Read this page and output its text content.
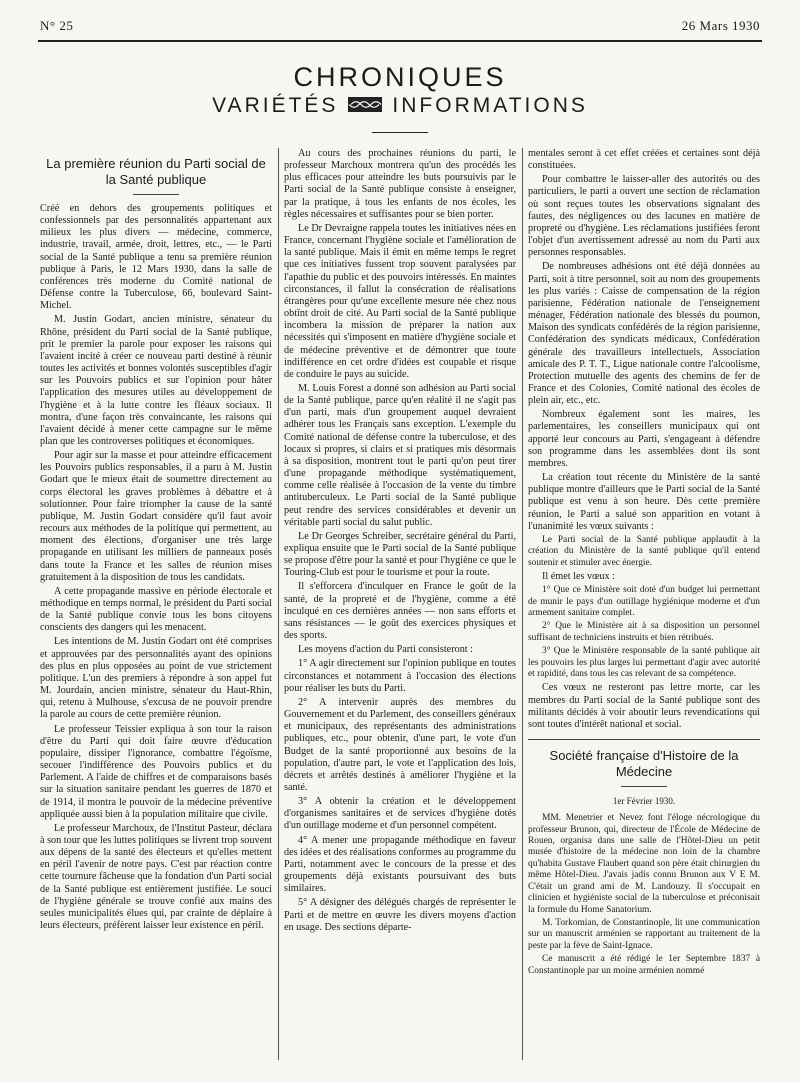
N° 25	26 Mars 1930
CHRONIQUES
VARIÉTÉS	INFORMATIONS
La première réunion du Parti social de la Santé publique

Créé en dehors des groupements politiques et confessionnels par des personnalités appartenant aux milieux les plus divers — médecine, commerce, industrie, travail, armée, droit, lettres, etc., — le Parti social de la Santé publique a tenu sa première réunion publique à Paris, le 12 Mars 1930, dans la salle de conférences très moderne du Comité national de Défense contre la Tuberculose, 66, boulevard Saint-Michel.

M. Justin Godart, ancien ministre, sénateur du Rhône, président du Parti social de la Santé publique, prit le premier la parole pour exposer les raisons qui l'avaient incité à créer ce nouveau parti destiné à réunir toutes les activités et bonnes volontés susceptibles d'agir sur les Pouvoirs publics et sur l'opinion pour hâter l'application des mesures utiles au développement de l'hygiène et à la lutte contre les fléaux sociaux. Il montra, d'une façon très convaincante, les raisons qui l'avaient décidé à mener cette campagne sur le même plan que les controverses politiques et économiques.

Pour agir sur la masse et pour atteindre efficacement les Pouvoirs publics responsables, il a paru à M. Justin Godart que le mieux était de soumettre directement au corps électoral les graves problèmes à débattre et à solutionner. Pour faire triompher la cause de la santé publique, M. Justin Godart considère qu'il faut avoir recours aux méthodes de la politique qui permettent, au moment des élections, d'organiser une très large propagande en utilisant les milliers de panneaux posés dans toute la France et les salles de réunion mises gratuitement à la disposition de tous les candidats.

A cette propagande massive en période électorale et méthodique en temps normal, le président du Parti social de la Santé publique convie tous les bons citoyens conscients des dangers qui les menacent.

Les intentions de M. Justin Godart ont été comprises et approuvées par des personnalités ayant des opinions des plus en plus opposées au point de vue strictement politique. L'un des premiers à répondre à son appel fut M. Jourdain, ancien ministre, sénateur du Haut-Rhin, qui, retenu à Mulhouse, s'excusa de ne pouvoir prendre la parole au cours de cette première réunion.

Le professeur Teissier expliqua à son tour la raison d'être du Parti qui doit faire œuvre d'éducation populaire, dissiper l'ignorance, combattre l'égoïsme, secouer l'indifférence des Pouvoirs publics et du Parlement. A l'aide de chiffres et de comparaisons basés sur la situation sanitaire pendant les guerres de 1870 et de 1914, il montra le pouvoir de la médecine préventive appliquée aussi bien à la population militaire que civile.

Le professeur Marchoux, de l'Institut Pasteur, déclara à son tour que les luttes politiques se livrent trop souvent aux dépens de la santé des électeurs et qu'elles mettent en péril l'avenir de notre pays. C'est par réaction contre cette tournure fâcheuse que la fondation d'un Parti social de la Santé publique est entièrement justifiée. Le souci de l'hygiène générale se trouve confié aux mains des seules municipalités élues qui, par crainte de déplaire à leurs électeurs, préfèrent laisser leur existence en péril.

Au cours des prochaines réunions du parti, le professeur Marchoux montrera qu'un des procédés les plus efficaces pour atteindre les buts poursuivis par le Parti social de la Santé publique consiste à enseigner, par la pratique, à tous les enfants de nos écoles, les règles nécessaires et suffisantes pour se bien porter.

Le Dr Devraigne rappela toutes les initiatives nées en France, concernant l'hygiène sociale et l'amélioration de la santé publique. Mais il émit en même temps le regret que ces initiatives fussent trop souvent paralysées par l'apathie du public et des pouvoirs intéressés. En maintes circonstances, il fallut la consécration de réalisations étrangères pour qu'une excellente mesure née chez nous obtînt droit de cité. Au Parti social de la Santé publique incombera la mission de préparer la nation aux nécessités qui s'imposent en matière d'hygiène sociale et de médecine préventive et de démontrer que toute indifférence en cet ordre d'idées est coupable et risque de conduire le pays au suicide.

M. Louis Forest a donné son adhésion au Parti social de la Santé publique, parce qu'en réalité il ne s'agit pas d'un parti, mais d'un groupement auquel devraient adhérer tous les Français sans exception. L'exemple du Comité national de défense contre la tuberculose, et des locaux si propres, si clairs et si pratiques mis désormais à sa disposition, montrent tout le parti qu'on peut tirer d'une propagande méthodique systématiquement, comme celle réalisée à l'occasion de la vente du timbre antituberculeux. Le Parti social de la Santé publique peut rendre des services considérables et devenir un véritable parti social du salut public.

Le Dr Georges Schreiber, secrétaire général du Parti, expliqua ensuite que le Parti social de la Santé publique se propose d'être pour la santé et pour l'hygiène ce que le Touring-Club est pour le tourisme et pour la route.

Il s'efforcera d'inculquer en France le goût de la santé, de la propreté et de l'hygiène, comme a été inculqué en ces dernières années — non sans efforts et sans résistances — le goût des exercices physiques et des sports.

Les moyens d'action du Parti consisteront :

1° A agir directement sur l'opinion publique en toutes circonstances et notamment à l'occasion des élections pour réaliser les buts du Parti.

2° A intervenir auprès des membres du Gouvernement et du Parlement, des conseillers généraux et municipaux, des représentants des administrations publiques, etc., pour obtenir, d'une part, le vote d'un Budget de la santé proportionné aux besoins de la population, d'autre part, le vote et l'application des lois, décrets et arrêtés destinés à améliorer l'hygiène et la santé.

3° A obtenir la création et le développement d'organismes sanitaires et de services d'hygiène dotés d'un outillage moderne et d'un personnel compétent.

4° A mener une propagande méthodique en faveur des idées et des réalisations conformes au programme du Parti, notamment avec le concours de la presse et des groupements déjà existants poursuivant des buts similaires.

5° A désigner des délégués chargés de représenter le Parti et de mettre en œuvre les divers moyens d'action en usage. Des sections départe-

mentales seront à cet effet créées et certaines sont déjà constituées.

Pour combattre le laisser-aller des autorités ou des particuliers, le parti a ouvert une section de réclamation où sont reçues toutes les observations signalant des fautes, des négligences ou des lacunes en matière de propreté ou d'hygiène. Les réclamations justifiées feront l'objet d'un avertissement adressé au nom du Parti aux personnes responsables.

De nombreuses adhésions ont été déjà données au Parti, soit à titre personnel, soit au nom des groupements les plus variés : Caisse de compensation de la région parisienne, Fédération nationale de l'enseignement ménager, Fédération nationale des blessés du poumon, Maison des syndicats confédérés de la région parisienne, Confédération des syndicats médicaux, Confédération générale des travailleurs intellectuels, Association amicale des P. T. T., Ligue nationale contre l'alcoolisme, Protection mutuelle des agents des chemins de fer de France et des Colonies, Comité national des écoles de plein air, etc., etc.

Nombreux également sont les maires, les parlementaires, les conseillers municipaux qui ont apporté leur concours au Parti, s'engageant à défendre son programme dans les assemblées dont ils sont membres.

La création tout récente du Ministère de la santé publique montre d'ailleurs que le Parti social de la Santé publique est venu à son heure. Dès cette première réunion, le Parti a salué son apparition en votant à l'unanimité les vœux suivants :

Le Parti social de la Santé publique applaudit à la création du Ministère de la santé publique qu'il entend soutenir et stimuler avec énergie.

Il émet les vœux :

1° Que ce Ministère soit doté d'un budget lui permettant de munir le pays d'un outillage hygiénique moderne et d'un armement sanitaire complet.

2° Que le Ministère ait à sa disposition un personnel suffisant de techniciens instruits et bien rétribués.

3° Que le Ministère responsable de la santé publique ait les pouvoirs les plus larges lui permettant d'agir avec autorité et rapidité, dans tous les cas relevant de sa compétence.

Ces vœux ne resteront pas lettre morte, car les membres du Parti social de la Santé publique sont des militants décidés à voir aboutir leurs revendications qui sont toutes d'intérêt national et social.

Société française d'Histoire de la Médecine
1er Février 1930.

MM. Menetrier et Nevez font l'éloge nécrologique du professeur Brunon, qui, directeur de l'École de Médecine de Rouen, organisa dans une salle de l'Hôtel-Dieu un petit musée d'histoire de la médecine non loin de la chambre qu'habita Gustave Flaubert quand son père était chirurgien du même Hôtel-Dieu. J'avais jadis connu Brunon aux V E M. C'était un grand ami de M. Landouzy. Il s'occupait en clinicien et hygiéniste social de la tuberculose et préconisait la formule du Home Sanatorium.

M. Torkomian, de Constantinople, lit une communication sur un manuscrit arménien se rapportant au traitement de la peste par la fève de Saint-Ignace.

Ce manuscrit a été rédigé le 1er Septembre 1837 à Constantinople par un moine arménien nommé
